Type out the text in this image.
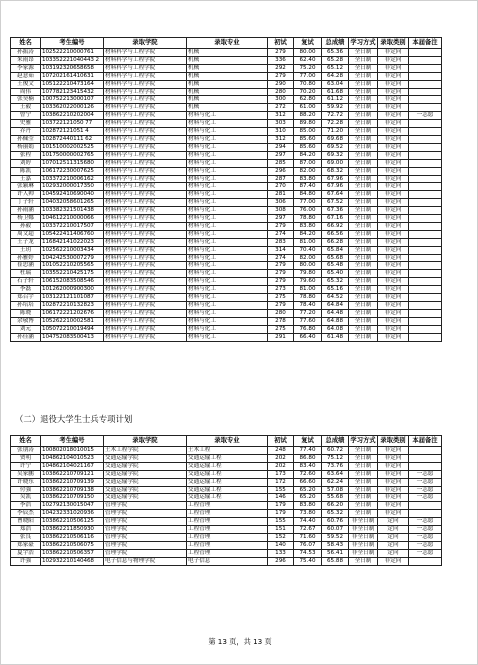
姓名	考生编号	录取学院	录取专业	初试	复试	总成绩	学习方式	录取类别	本届备注
孙振涛	102522210000761	材料科学与工程学院	机械	279	80.00	65.36	全日制	非定向	
朱雨昂	103352221040443 2	材料科学与工程学院	机械	336	62.40	65.28	全日制	非定向	
李家源	103192320658658	材料科学与工程学院	机械	292	75.20	65.12	全日制	非定向	
赵意茹	107202161410631	材料科学与工程学院	机械	279	77.00	64.28	全日制	非定向	
王俊文	105122210473164	材料科学与工程学院	机械	290	70.80	63.04	全日制	非定向	
周伟	107782123415432	材料科学与工程学院	机械	280	70.20	61.68	全日制	非定向	
张昊楠	100752213000107	材料科学与工程学院	机械	300	62.80	61.12	全日制	非定向	
王毅	103362022000126	材料科学与工程学院	机械	272	61.00	59.92	全日制	非定向	
曾宁	103862210202004	材料科学与工程学院	材料与化工	312	88.20	72.72	全日制	非定向	一志愿
史雅	103722121050 77	材料科学与工程学院	材料与化工	303	89.80	72.28	全日制	非定向	
乔丹	102872121051 4	材料科学与工程学院	材料与化工	310	85.00	71.20	全日制	非定向	
孙佩莹	102872440111 62	材料科学与工程学院	材料与化工	312	85.60	69.68	全日制	非定向	
杨丽娟	101510002002525	材料科学与工程学院	材料与化工	294	85.60	69.52	全日制	非定向	
张程	101750000002765	材料科学与工程学院	材料与化工	297	84.20	69.32	全日制	非定向	
刘婷	107012511315680	材料科学与工程学院	材料与化工	285	87.00	69.00	全日制	非定向	
陈凯	106172230007625	材料科学与工程学院	材料与化工	296	82.00	68.32	全日制	非定向	
王嘉	103372210006162	材料科学与工程学院	材料与化工	287	83.80	67.96	全日制	非定向	
张颖琳	102932000017350	材料科学与工程学院	材料与化工	270	87.40	67.96	全日制	非定向	
许人帅	104592410690040	材料科学与工程学院	材料与化工	281	84.80	67.64	全日制	非定向	
丁子轩	104032058601265	材料科学与工程学院	材料与化工	306	77.00	67.52	全日制	非定向	
孙雨涵	103382321501438	材料科学与工程学院	材料与化工	308	76.00	67.36	全日制	非定向	
杨卫娜	104612210000066	材料科学与工程学院	材料与化工	297	78.80	67.16	全日制	非定向	
孙毅	103372210017507	材料科学与工程学院	材料与化工	279	83.80	66.92	全日制	非定向	
周文超	105422411406760	材料科学与工程学院	材料与化工	274	84.20	66.56	全日制	非定向	
王子龙	116842141022023	材料科学与工程学院	材料与化工	283	81.00	66.28	全日制	非定向	
王玥	102562210003434	材料科学与工程学院	材料与化工	314	70.40	65.84	全日制	非定向	
孙雅婷	104242530007279	材料科学与工程学院	材料与化工	274	82.00	65.68	全日制	非定向	
崔思涵	101052210205565	材料科学与工程学院	材料与化工	279	80.00	65.48	全日制	非定向	
杜瑞	103552210425175	材料科学与工程学院	材料与化工	279	79.80	65.40	全日制	非定向	
石子轩	106152083508546	材料科学与工程学院	材料与化工	279	79.60	65.32	全日制	非定向	
李磊	101262000900300	材料科学与工程学院	材料与化工	273	81.00	65.16	全日制	非定向	
郑召宇	103122121101087	材料科学与工程学院	材料与化工	275	78.80	64.52	全日制	非定向	
孙培培	102872210132823	材料科学与工程学院	材料与化工	279	78.40	64.84	全日制	非定向	
陈晓	106172221202676	材料科学与工程学院	材料与化工	280	77.20	64.48	全日制	非定向	
余敬博	105262210002581	材料科学与工程学院	材料与化工	278	77.60	64.88	全日制	非定向	
刘元	105072210019494	材料科学与工程学院	材料与化工	275	76.80	64.08	全日制	非定向	
孙佳涵	104752083500413	材料科学与工程学院	材料与化工	291	66.40	61.48	全日制	非定向	
（二）退役大学生士兵专项计划
姓名	考生编号	录取学院	录取专业	初试	复试	总成绩	学习方式	录取类别	本届备注
张朋涛	100802018010015	土木工程学院	土木工程	248	77.40	60.72	全日制	非定向	
贾明	104862104010523	交通运输学院	交通运输工程	202	86.80	75.12	全日制	非定向	
许宁	104862104021167	交通运输学院	交通运输工程	202	83.40	73.76	全日制	非定向	
吴家鹏	103862210709121	交通运输学院	交通运输工程	173	72.60	63.64	全日制	非定向	一志愿
许晓东	103862210709139	交通运输学院	交通运输工程	172	66.60	62.24	全日制	非定向	一志愿
付强	103862210709138	交通运输学院	交通运输工程	155	65.20	57.08	全日制	非定向	一志愿
吴凯	103862210709150	交通运输学院	交通运输工程	146	65.20	55.68	全日制	非定向	一志愿
李浩	102792130015047	管理学院	工程管理	179	83.80	66.20	全日制	非定向	
李辰杰	104232331020936	管理学院	工程管理	179	73.80	65.32	全日制	非定向	
曹晓阳	103862210506125	管理学院	工程管理	155	74.40	60.76	非全日制	定向	一志愿
郑浩	103862211850930	管理学院	工程管理	151	72.67	60.07	非全日制	定向	一志愿
张良	103862210506116	管理学院	工程管理	152	71.60	59.52	非全日制	定向	一志愿
郑家豪	103862210506075	管理学院	工程管理	140	76.07	58.43	非全日制	定向	一志愿
夏宇浩	103862210506357	管理学院	工程管理	133	74.53	56.41	非全日制	定向	一志愿
许强	102932210140468	电子信息与物理学院	电子信息	296	75.40	65.88	全日制	非定向	
第 13 页，共 13 页
